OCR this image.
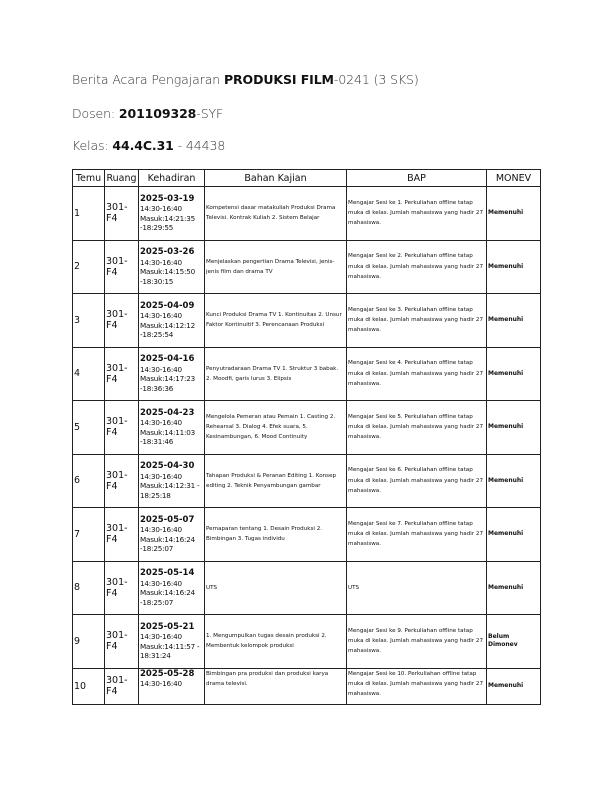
Berita Acara Pengajaran PRODUKSI FILM-0241 (3 SKS)
Dosen: 201109328-SYF
Kelas: 44.4C.31 - 44438
Temu	Ruang	Kehadiran	Bahan Kajian	BAP	MONEV
1	301-F4	2025-03-19
14:30-16:40
Masuk:14:21:35
-18:29:55	Kompetensi dasar matakuliah Produksi Drama Televisi. Kontrak Kuliah 2. Sistem Belajar	Mengajar Sesi ke 1. Perkuliahan offline tatap muka di kelas. Jumlah mahasiswa yang hadir 27 mahasiswa.	Memenuhi
2	301-F4	2025-03-26
14:30-16:40
Masuk:14:15:50
-18:30:15	Menjelaskan pengertian Drama Televisi, jenis-jenis film dan drama TV	Mengajar Sesi ke 2. Perkuliahan offline tatap muka di kelas. Jumlah mahasiswa yang hadir 27 mahasiswa.	Memenuhi
3	301-F4	2025-04-09
14:30-16:40
Masuk:14:12:12
-18:25:54	Kunci Produksi Drama TV 1. Kontinuitas 2. Unsur Faktor Kontinuitif 3. Perencanaan Produksi	Mengajar Sesi ke 3. Perkuliahan offline tatap muka di kelas. Jumlah mahasiswa yang hadir 27 mahasiswa.	Memenuhi
4	301-F4	2025-04-16
14:30-16:40
Masuk:14:17:23
-18:36:36	Penyutradaraan Drama TV 1. Struktur 3 babak. 2. Moodfi, garis lurus 3. Elipsis	Mengajar Sesi ke 4. Perkuliahan offline tatap muka di kelas. Jumlah mahasiswa yang hadir 27 mahasiswa.	Memenuhi
5	301-F4	2025-04-23
14:30-16:40
Masuk:14:11:03
-18:31:46	Mengelola Pemeran atau Pemain 1. Casting 2. Rehearsal 3. Dialog 4. Efek suara, 5. Kesinambungan, 6. Mood Continuity	Mengajar Sesi ke 5. Perkuliahan offline tatap muka di kelas. Jumlah mahasiswa yang hadir 27 mahasiswa.	Memenuhi
6	301-F4	2025-04-30
14:30-16:40
Masuk:14:12:31 -
18:25:18	Tahapan Produksi & Peranan Editing 1. Konsep editing 2. Teknik Penyambungan gambar	Mengajar Sesi ke 6. Perkuliahan offline tatap muka di kelas. Jumlah mahasiswa yang hadir 27 mahasiswa.	Memenuhi
7	301-F4	2025-05-07
14:30-16:40
Masuk:14:16:24
-18:25:07	Pemaparan tentang 1. Desain Produksi 2. Bimbingan 3. Tugas individu	Mengajar Sesi ke 7. Perkuliahan offline tatap muka di kelas. Jumlah mahasiswa yang hadir 27 mahasiswa.	Memenuhi
8	301-F4	2025-05-14
14:30-16:40
Masuk:14:16:24
-18:25:07	UTS	UTS	Memenuhi
9	301-F4	2025-05-21
14:30-16:40
Masuk:14:11:57 -
18:31:24	1. Mengumpulkan tugas desain produksi 2. Membentuk kelompok produksi	Mengajar Sesi ke 9. Perkuliahan offline tatap muka di kelas. Jumlah mahasiswa yang hadir 27 mahasiswa.	Belum Dimonev
10	301-F4	2025-05-28
14:30-16:40	Bimbingan pra produksi dan produksi karya drama televisi.	Mengajar Sesi ke 10. Perkuliahan offline tatap muka di kelas. Jumlah mahasiswa yang hadir 27 mahasiswa.	Memenuhi
